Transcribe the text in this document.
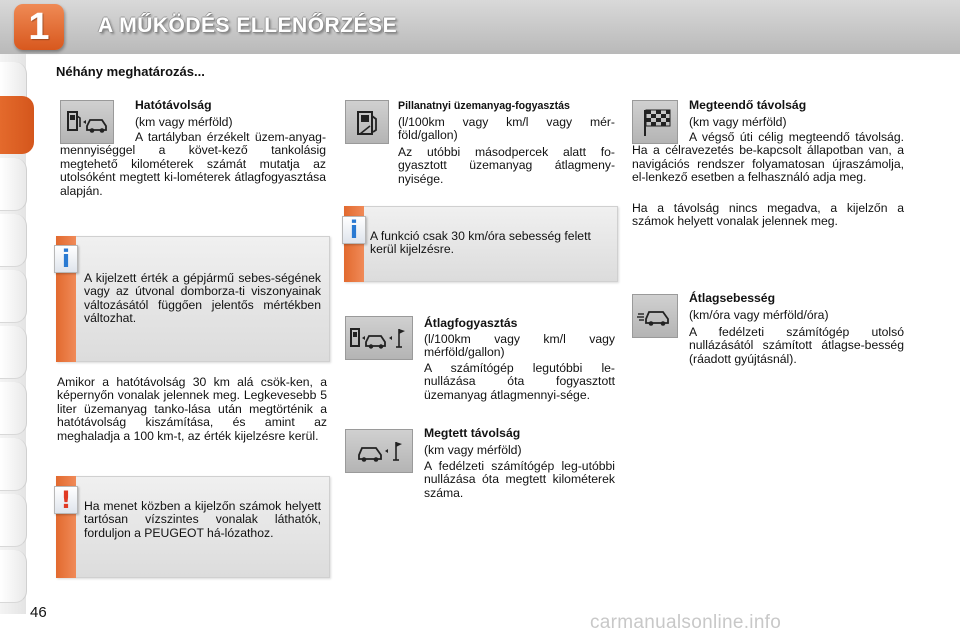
1	A MŰKÖDÉS ELLENŐRZÉSE
Néhány meghatározás...
Hatótávolság
(km vagy mérföld)
A tartályban érzékelt üzem-anyag-mennyiséggel a követ-kező tankolásig megtehető kilométerek számát mutatja az utolsóként megtett ki-lométerek átlagfogyasztása alapján.
i
A kijelzett érték a gépjármű sebes-ségének vagy az útvonal domborza-ti viszonyainak változásától függően jelentős mértékben változhat.
Amikor a hatótávolság 30 km alá csök-ken, a képernyőn vonalak jelennek meg. Legkevesebb 5 liter üzemanyag tanko-lása után megtörténik a hatótávolság kiszámítása, és amint az meghaladja a 100 km-t, az érték kijelzésre kerül.
! Ha menet közben a kijelzőn számok helyett tartósan vízszintes vonalak láthatók, forduljon a PEUGEOT há-lózathoz.
Pillanatnyi üzemanyag-fogyasztás
(l/100km vagy km/l vagy mér-föld/gallon)
Az utóbbi másodpercek alatt fo-gyasztott üzemanyag átlagmeny-nyisége.
i A funkció csak 30 km/óra sebesség felett kerül kijelzésre.
Átlagfogyasztás
(l/100km vagy km/l vagy mérföld/gallon)
A számítógép legutóbbi le-nullázása óta fogyasztott üzemanyag átlagmennyi-sége.
Megtett távolság
(km vagy mérföld)
A fedélzeti számítógép leg-utóbbi nullázása óta megtett kilométerek száma.
Megteendő távolság
(km vagy mérföld)
A végső úti célig megteendő távolság. Ha a célravezetés be-kapcsolt állapotban van, a navigációs rendszer folyamatosan újraszámolja, el-lenkező esetben a felhasználó adja meg.
Ha a távolság nincs megadva, a kijelzőn a számok helyett vonalak jelennek meg.
Átlagsebesség
(km/óra vagy mérföld/óra)
A fedélzeti számítógép utolsó nullázásától számított átlagse-besség (ráadott gyújtásnál).
46	carmanualsonline.info
